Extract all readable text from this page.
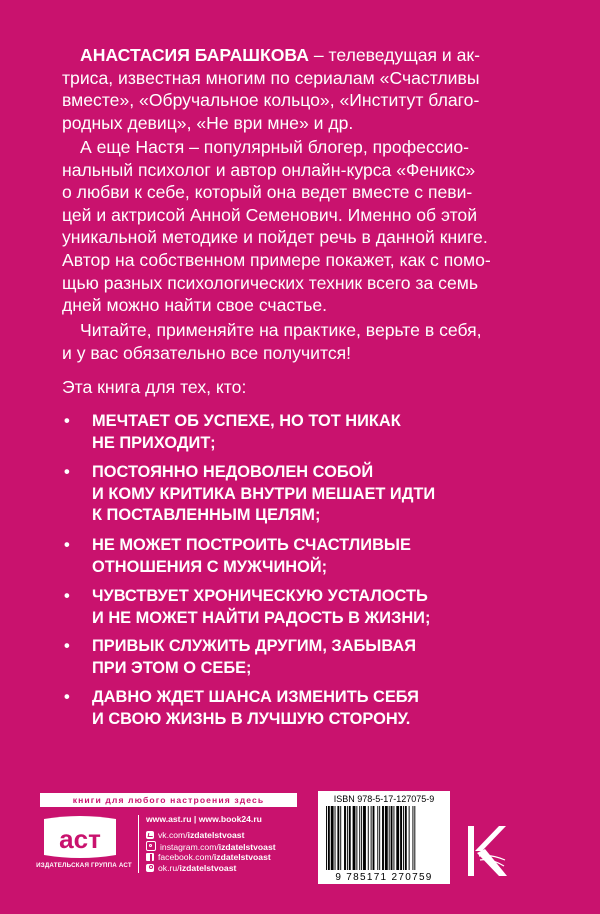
АНАСТАСИЯ БАРАШКОВА – телеведущая и ак-
триса, известная многим по сериалам «Счастливы
вместе», «Обручальное кольцо», «Институт благо-
родных девиц», «Не ври мне» и др.

А еще Настя – популярный блогер, профессио-
нальный психолог и автор онлайн-курса «Феникс»
о любви к себе, который она ведет вместе с певи-
цей и актрисой Анной Семенович. Именно об этой
уникальной методике и пойдет речь в данной книге.
Автор на собственном примере покажет, как с помо-
щью разных психологических техник всего за семь
дней можно найти свое счастье.

Читайте, применяйте на практике, верьте в себя,
и у вас обязательно все получится!

Эта книга для тех, кто:
• МЕЧТАЕТ ОБ УСПЕХЕ, НО ТОТ НИКАК
НЕ ПРИХОДИТ;
• ПОСТОЯННО НЕДОВОЛЕН СОБОЙ
И КОМУ КРИТИКА ВНУТРИ МЕШАЕТ ИДТИ
К ПОСТАВЛЕННЫМ ЦЕЛЯМ;
• НЕ МОЖЕТ ПОСТРОИТЬ СЧАСТЛИВЫЕ
ОТНОШЕНИЯ С МУЖЧИНОЙ;
• ЧУВСТВУЕТ ХРОНИЧЕСКУЮ УСТАЛОСТЬ
И НЕ МОЖЕТ НАЙТИ РАДОСТЬ В ЖИЗНИ;
• ПРИВЫК СЛУЖИТЬ ДРУГИМ, ЗАБЫВАЯ
ПРИ ЭТОМ О СЕБЕ;
• ДАВНО ЖДЕТ ШАНСА ИЗМЕНИТЬ СЕБЯ
И СВОЮ ЖИЗНЬ В ЛУЧШУЮ СТОРОНУ.
книги для любого настроения здесь
аст
ИЗДАТЕЛЬСКАЯ ГРУППА АСТ
www.ast.ru | www.book24.ru
vk.com/izdatelstvoast
instagram.com/izdatelstvoast
facebook.com/izdatelstvoast
ok.ru/izdatelstvoast
ISBN 978-5-17-127075-9
9 785171 270759
